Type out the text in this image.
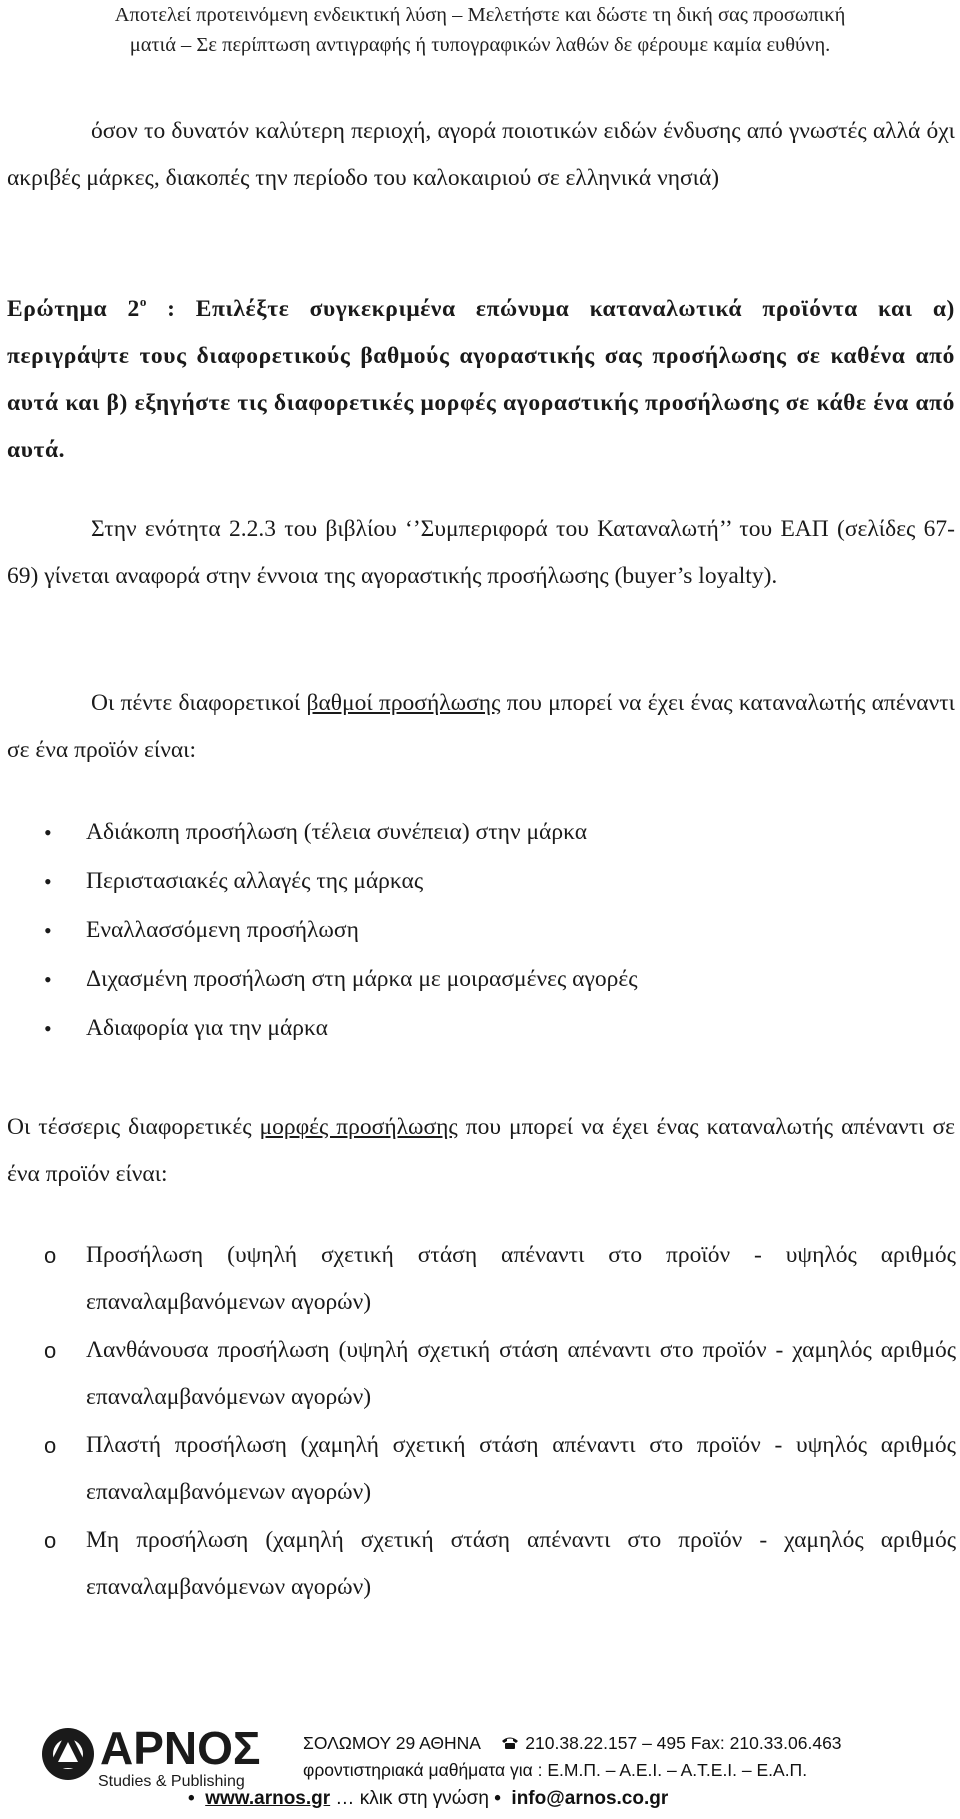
Αποτελεί προτεινόμενη ενδεικτική λύση – Μελετήστε και δώστε τη δική σας προσωπική
ματιά – Σε περίπτωση αντιγραφής ή τυπογραφικών λαθών δε φέρουμε καμία ευθύνη.
όσον το δυνατόν καλύτερη περιοχή, αγορά ποιοτικών ειδών ένδυσης από γνωστές αλλά όχι ακριβές μάρκες, διακοπές την περίοδο του καλοκαιριού σε ελληνικά νησιά)
Ερώτημα $2^o$ : Επιλέξτε συγκεκριμένα επώνυμα καταναλωτικά προϊόντα και α) περιγράψτε τους διαφορετικούς βαθμούς αγοραστικής σας προσήλωσης σε καθένα από αυτά και β) εξηγήστε τις διαφορετικές μορφές αγοραστικής προσήλωσης σε κάθε ένα από αυτά.
Στην ενότητα 2.2.3 του βιβλίου ‘’Συμπεριφορά του Καταναλωτή’’ του ΕΑΠ (σελίδες 67-69) γίνεται αναφορά στην έννοια της αγοραστικής προσήλωσης (buyer’s loyalty).
Οι πέντε διαφορετικοί βαθμοί προσήλωσης που μπορεί να έχει ένας καταναλωτής απέναντι σε ένα προϊόν είναι:
• Αδιάκοπη προσήλωση (τέλεια συνέπεια) στην μάρκα
• Περιστασιακές αλλαγές της μάρκας
• Εναλλασσόμενη προσήλωση
• Διχασμένη προσήλωση στη μάρκα με μοιρασμένες αγορές
• Αδιαφορία για την μάρκα
Οι τέσσερις διαφορετικές μορφές προσήλωσης που μπορεί να έχει ένας καταναλωτής απέναντι σε ένα προϊόν είναι:
o Προσήλωση (υψηλή σχετική στάση απέναντι στο προϊόν - υψηλός αριθμός επαναλαμβανόμενων αγορών)
o Λανθάνουσα προσήλωση (υψηλή σχετική στάση απέναντι στο προϊόν - χαμηλός αριθμός επαναλαμβανόμενων αγορών)
o Πλαστή προσήλωση (χαμηλή σχετική στάση απέναντι στο προϊόν - υψηλός αριθμός επαναλαμβανόμενων αγορών)
o Μη προσήλωση (χαμηλή σχετική στάση απέναντι στο προϊόν - χαμηλός αριθμός επαναλαμβανόμενων αγορών)
ΑΡΝΟΣ
Studies & Publishing
ΣΟΛΩΜΟΥ 29 ΑΘΗΝΑ	210.38.22.157 – 495 Fax: 210.33.06.463
φροντιστηριακά μαθήματα για : Ε.Μ.Π. – Α.Ε.Ι. – Α.Τ.Ε.Ι. – Ε.Α.Π.
• www.arnos.gr … κλικ στη γνώση • info@arnos.co.gr
